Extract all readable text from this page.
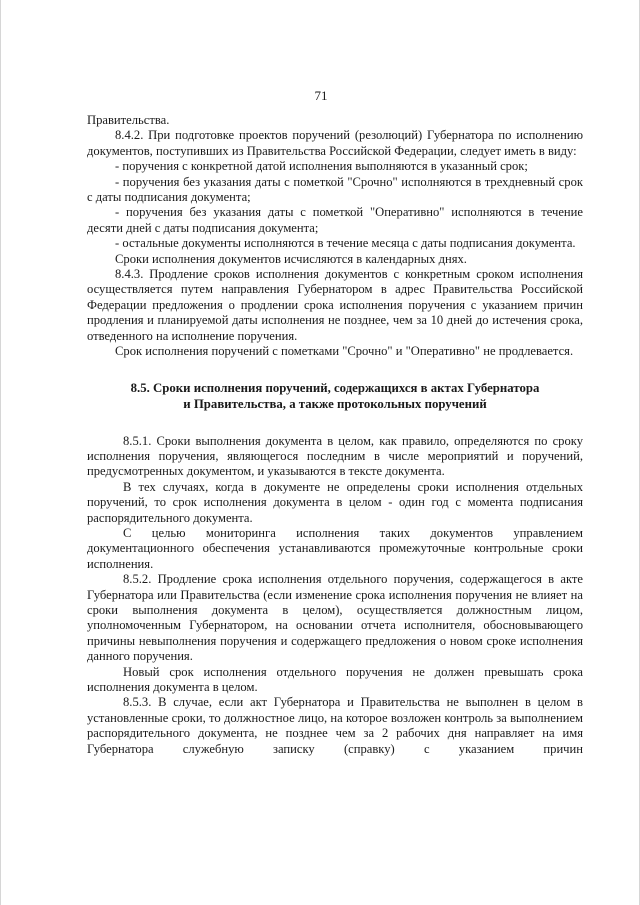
71

Правительства.

8.4.2. При подготовке проектов поручений (резолюций) Губернатора по исполнению документов, поступивших из Правительства Российской Федерации, следует иметь в виду:

- поручения с конкретной датой исполнения выполняются в указанный срок;

- поручения без указания даты с пометкой "Срочно" исполняются в трехдневный срок с даты подписания документа;

- поручения без указания даты с пометкой "Оперативно" исполняются в течение десяти дней с даты подписания документа;

- остальные документы исполняются в течение месяца с даты подписания документа.

Сроки исполнения документов исчисляются в календарных днях.

8.4.3. Продление сроков исполнения документов с конкретным сроком исполнения осуществляется путем направления Губернатором в адрес Правительства Российской Федерации предложения о продлении срока исполнения поручения с указанием причин продления и планируемой даты исполнения не позднее, чем за 10 дней до истечения срока, отведенного на исполнение поручения.

Срок исполнения поручений с пометками "Срочно" и "Оперативно" не продлевается.

8.5. Сроки исполнения поручений, содержащихся в актах Губернатора
и Правительства, а также протокольных поручений

8.5.1. Сроки выполнения документа в целом, как правило, определяются по сроку исполнения поручения, являющегося последним в числе мероприятий и поручений, предусмотренных документом, и указываются в тексте документа.

В тех случаях, когда в документе не определены сроки исполнения отдельных поручений, то срок исполнения документа в целом - один год с момента подписания распорядительного документа.

С целью мониторинга исполнения таких документов управлением документационного обеспечения устанавливаются промежуточные контрольные сроки исполнения.

8.5.2. Продление срока исполнения отдельного поручения, содержащегося в акте Губернатора или Правительства (если изменение срока исполнения поручения не влияет на сроки выполнения документа в целом), осуществляется должностным лицом, уполномоченным Губернатором, на основании отчета исполнителя, обосновывающего причины невыполнения поручения и содержащего предложения о новом сроке исполнения данного поручения.

Новый срок исполнения отдельного поручения не должен превышать срока исполнения документа в целом.

8.5.3. В случае, если акт Губернатора и Правительства не выполнен в целом в установленные сроки, то должностное лицо, на которое возложен контроль за выполнением распорядительного документа, не позднее чем за 2 рабочих дня направляет на имя Губернатора служебную записку (справку) с указанием причин
